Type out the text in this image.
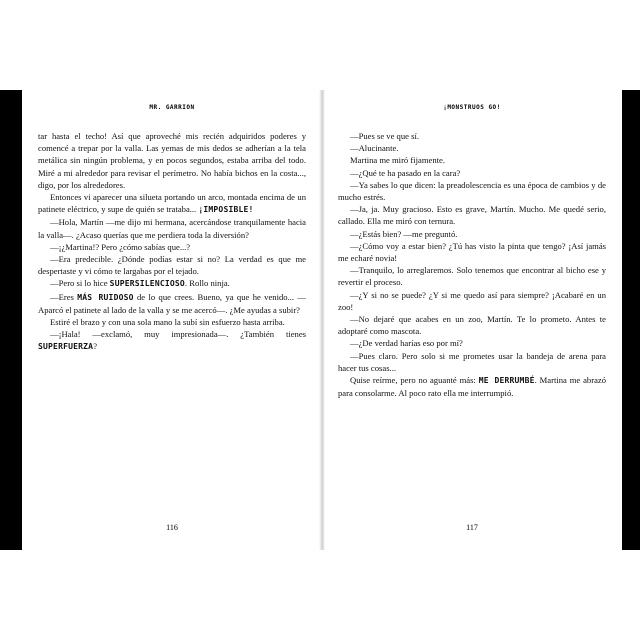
MR. GARRION

tar hasta el techo! Así que aproveché mis recién adquiridos poderes y comencé a trepar por la valla. Las yemas de mis dedos se adherían a la tela metálica sin ningún problema, y en pocos segundos, estaba arriba del todo. Miré a mi alrededor para revisar el perímetro. No había bichos en la costa..., digo, por los alrededores.

Entonces vi aparecer una silueta portando un arco, montada encima de un patinete eléctrico, y supe de quién se trataba... ¡IMPOSIBLE!

—Hola, Martín —me dijo mi hermana, acercándose tranquilamente hacia la valla—. ¿Acaso querías que me perdiera toda la diversión?

—¡¿Martina!? Pero ¿cómo sabías que...?

—Era predecible. ¿Dónde podías estar si no? La verdad es que me despertaste y vi cómo te largabas por el tejado.

—Pero si lo hice SUPERSILENCIOSO. Rollo ninja.

—Eres MÁS RUIDOSO de lo que crees. Bueno, ya que he venido... —Aparcó el patinete al lado de la valla y se me acercó—. ¿Me ayudas a subir?

Estiré el brazo y con una sola mano la subí sin esfuerzo hasta arriba.

—¡Hala! —exclamó, muy impresionada—. ¿También tienes SUPERFUERZA?

116
¡MONSTRUOS GO!

—Pues se ve que sí.

—Alucinante.

Martina me miró fijamente.

—¿Qué te ha pasado en la cara?

—Ya sabes lo que dicen: la preadolescencia es una época de cambios y de mucho estrés.

—Ja, ja. Muy gracioso. Esto es grave, Martín. Mucho. Me quedé serio, callado. Ella me miró con ternura.

—¿Estás bien? —me preguntó.

—¿Cómo voy a estar bien? ¿Tú has visto la pinta que tengo? ¡Así jamás me echaré novia!

—Tranquilo, lo arreglaremos. Solo tenemos que encontrar al bicho ese y revertir el proceso.

—¿Y si no se puede? ¿Y si me quedo así para siempre? ¡Acabaré en un zoo!

—No dejaré que acabes en un zoo, Martín. Te lo prometo. Antes te adoptaré como mascota.

—¿De verdad harías eso por mí?

—Pues claro. Pero solo si me prometes usar la bandeja de arena para hacer tus cosas...

Quise reírme, pero no aguanté más: ME DERRUMBÉ. Martina me abrazó para consolarme. Al poco rato ella me interrumpió.

117
